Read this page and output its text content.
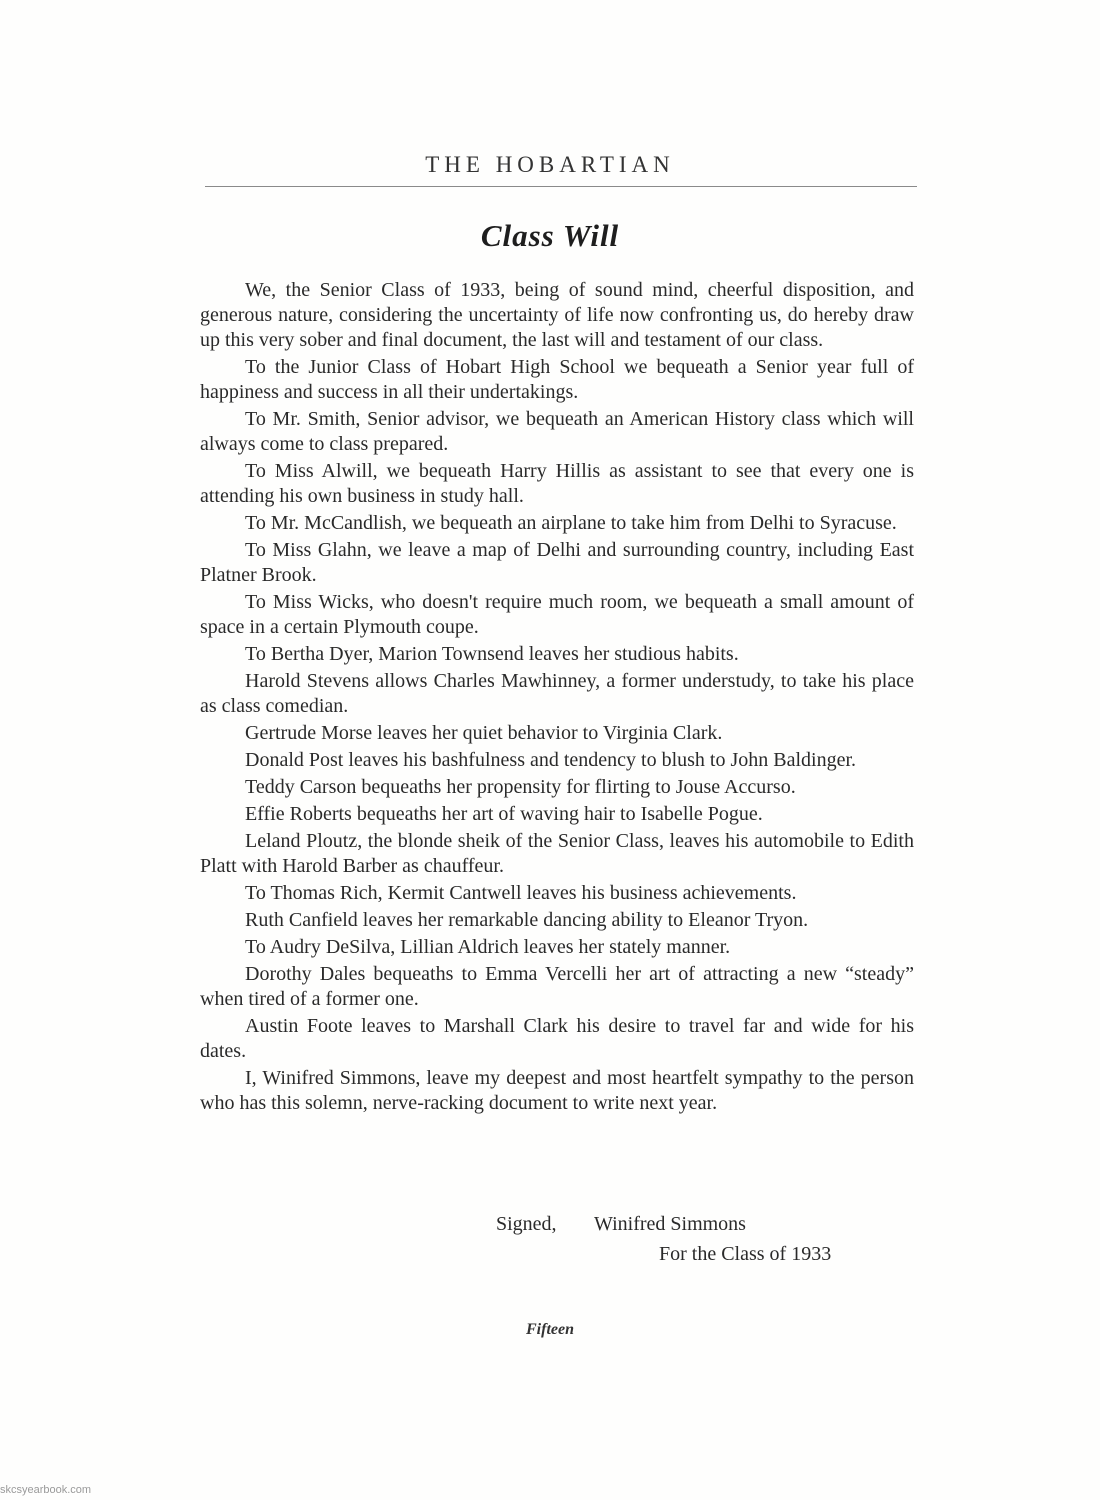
THE HOBARTIAN
Class Will

We, the Senior Class of 1933, being of sound mind, cheerful disposition, and generous nature, considering the uncertainty of life now confronting us, do hereby draw up this very sober and final document, the last will and testament of our class.

To the Junior Class of Hobart High School we bequeath a Senior year full of happiness and success in all their undertakings.

To Mr. Smith, Senior advisor, we bequeath an American History class which will always come to class prepared.

To Miss Alwill, we bequeath Harry Hillis as assistant to see that every one is attending his own business in study hall.

To Mr. McCandlish, we bequeath an airplane to take him from Delhi to Syracuse.

To Miss Glahn, we leave a map of Delhi and surrounding country, including East Platner Brook.

To Miss Wicks, who doesn't require much room, we bequeath a small amount of space in a certain Plymouth coupe.

To Bertha Dyer, Marion Townsend leaves her studious habits.

Harold Stevens allows Charles Mawhinney, a former understudy, to take his place as class comedian.

Gertrude Morse leaves her quiet behavior to Virginia Clark.

Donald Post leaves his bashfulness and tendency to blush to John Baldinger.

Teddy Carson bequeaths her propensity for flirting to Jouse Accurso.

Effie Roberts bequeaths her art of waving hair to Isabelle Pogue.

Leland Ploutz, the blonde sheik of the Senior Class, leaves his automobile to Edith Platt with Harold Barber as chauffeur.

To Thomas Rich, Kermit Cantwell leaves his business achievements.

Ruth Canfield leaves her remarkable dancing ability to Eleanor Tryon.

To Audry DeSilva, Lillian Aldrich leaves her stately manner.

Dorothy Dales bequeaths to Emma Vercelli her art of attracting a new “steady” when tired of a former one.

Austin Foote leaves to Marshall Clark his desire to travel far and wide for his dates.

I, Winifred Simmons, leave my deepest and most heartfelt sympathy to the person who has this solemn, nerve-racking document to write next year.

Signed, Winifred Simmons
For the Class of 1933
Fifteen
skcsyearbook.com
